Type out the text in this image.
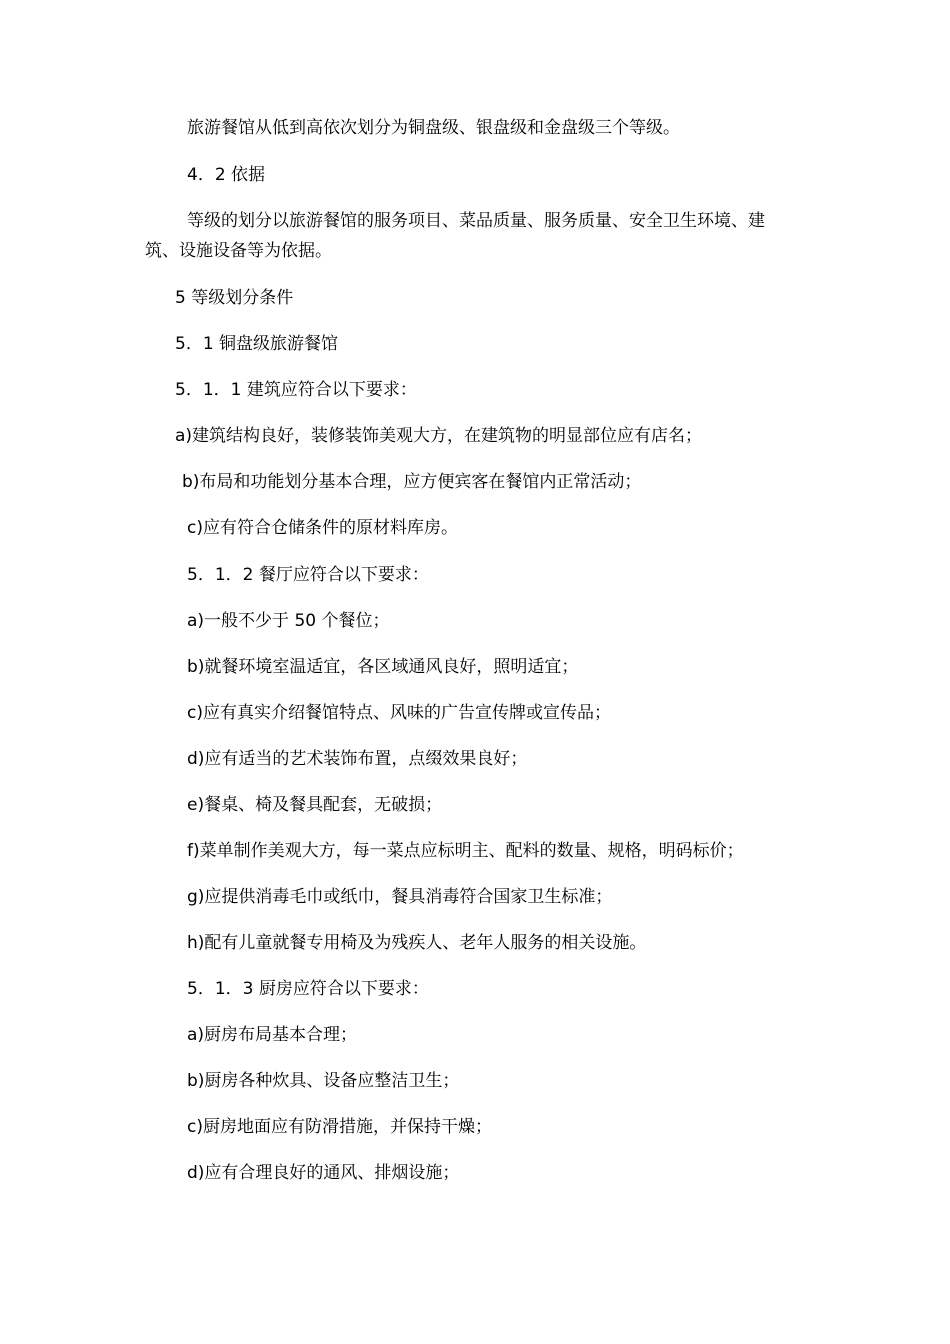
旅游餐馆从低到高依次划分为铜盘级、银盘级和金盘级三个等级。
4．2 依据
等级的划分以旅游餐馆的服务项目、菜品质量、服务质量、安全卫生环境、建
筑、设施设备等为依据。
5 等级划分条件
5．1 铜盘级旅游餐馆
5．1．1 建筑应符合以下要求：
a)建筑结构良好，装修装饰美观大方，在建筑物的明显部位应有店名；
b)布局和功能划分基本合理，应方便宾客在餐馆内正常活动；
c)应有符合仓储条件的原材料库房。
5．1．2 餐厅应符合以下要求：
a)一般不少于 50 个餐位；
b)就餐环境室温适宜，各区域通风良好，照明适宜；
c)应有真实介绍餐馆特点、风味的广告宣传牌或宣传品；
d)应有适当的艺术装饰布置，点缀效果良好；
e)餐桌、椅及餐具配套，无破损；
f)菜单制作美观大方，每一菜点应标明主、配料的数量、规格，明码标价；
g)应提供消毒毛巾或纸巾，餐具消毒符合国家卫生标准；
h)配有儿童就餐专用椅及为残疾人、老年人服务的相关设施。
5．1．3 厨房应符合以下要求：
a)厨房布局基本合理；
b)厨房各种炊具、设备应整洁卫生；
c)厨房地面应有防滑措施，并保持干燥；
d)应有合理良好的通风、排烟设施；
